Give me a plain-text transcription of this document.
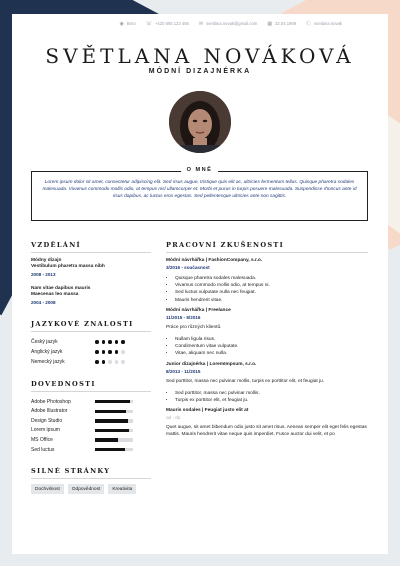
◉ Brno ☏ +420 605 123 456 ✉ svetlana.novak@gmail.com ▦ 22.04.1989 Ⓒ svetlana.novak
SVĚTLANA NOVÁKOVÁ
MÓDNÍ DIZAJNÉRKA
O MNĚ
Lorem ipsum dolor sit amet, consectetur adipiscing elit. Sed risus augue, tristique quis elit ac, ultricies fermentum tellus. Quisque pharetra sodales malesuada. Vivamus commodo mollis odio, at tempus nisl ullamcorper et. Morbi et purus in turpis posuere malesuada. Suspendisse rhoncus ante id risus dapibus, ac luctus eros egestas. Sed pellentesque ultricies ante non sagittis.
VZDĚLÁNÍ
Módny dizajn
Vestibulum pharetra massa nibh
2008 - 2013
Nam vitae dapibus mauris
Maecenas leo massa
2004 - 2008
JAZYKOVÉ ZNALOSTI
Český jazyk
Anglický jazyk
Nemecký jazyk
DOVEDNOSTI
Adobe Photoshop
Adobe Illustrator
Design Studio
Lorem ipsum
MS Office
Sed luctus
SILNÉ STRÁNKY
Dochvilnost	Odpovědnost	Kreativita
PRACOVNÍ ZKUŠENOSTI
Módní návrhářka | FashionCompany, s.r.o.
3/2016 - současnost
• Quisque pharetra sodales malesuada.
• Vivamus commodo mollis odio, at tempus ni.
• Sed luctus vulputate nulla nec feugiat.
• Mauris hendrerit vitae.
Módní návrhářka | Freelance
11/2015 - 8/2016

Práce pro různých klientů.

• Nullam ligula risus.
• Condimentum vitae vulputate.
• Vitae, aliquam nec nulla.
Junior dizajnérka | LoremImpsum, s.r.o.
8/2013 - 11/2015

Sed porttitor, massa nec pulvinar mollis, turpis ex porttitor elit, et feugiat ju.

• Sed porttitor, massa nec pulvinar mollis.
• Turpis ex porttitor elit, et feugiat ju.
Mauris sodales | Feugiat justo elit at
od - do

Quet augue, sit amet bibendum odio justo sit amet risus. Aenean semper elit eget felis egestas mattis. Mauris hendrerit vitae neque quis imperdiet. Fusce auctor dui velit, et po
